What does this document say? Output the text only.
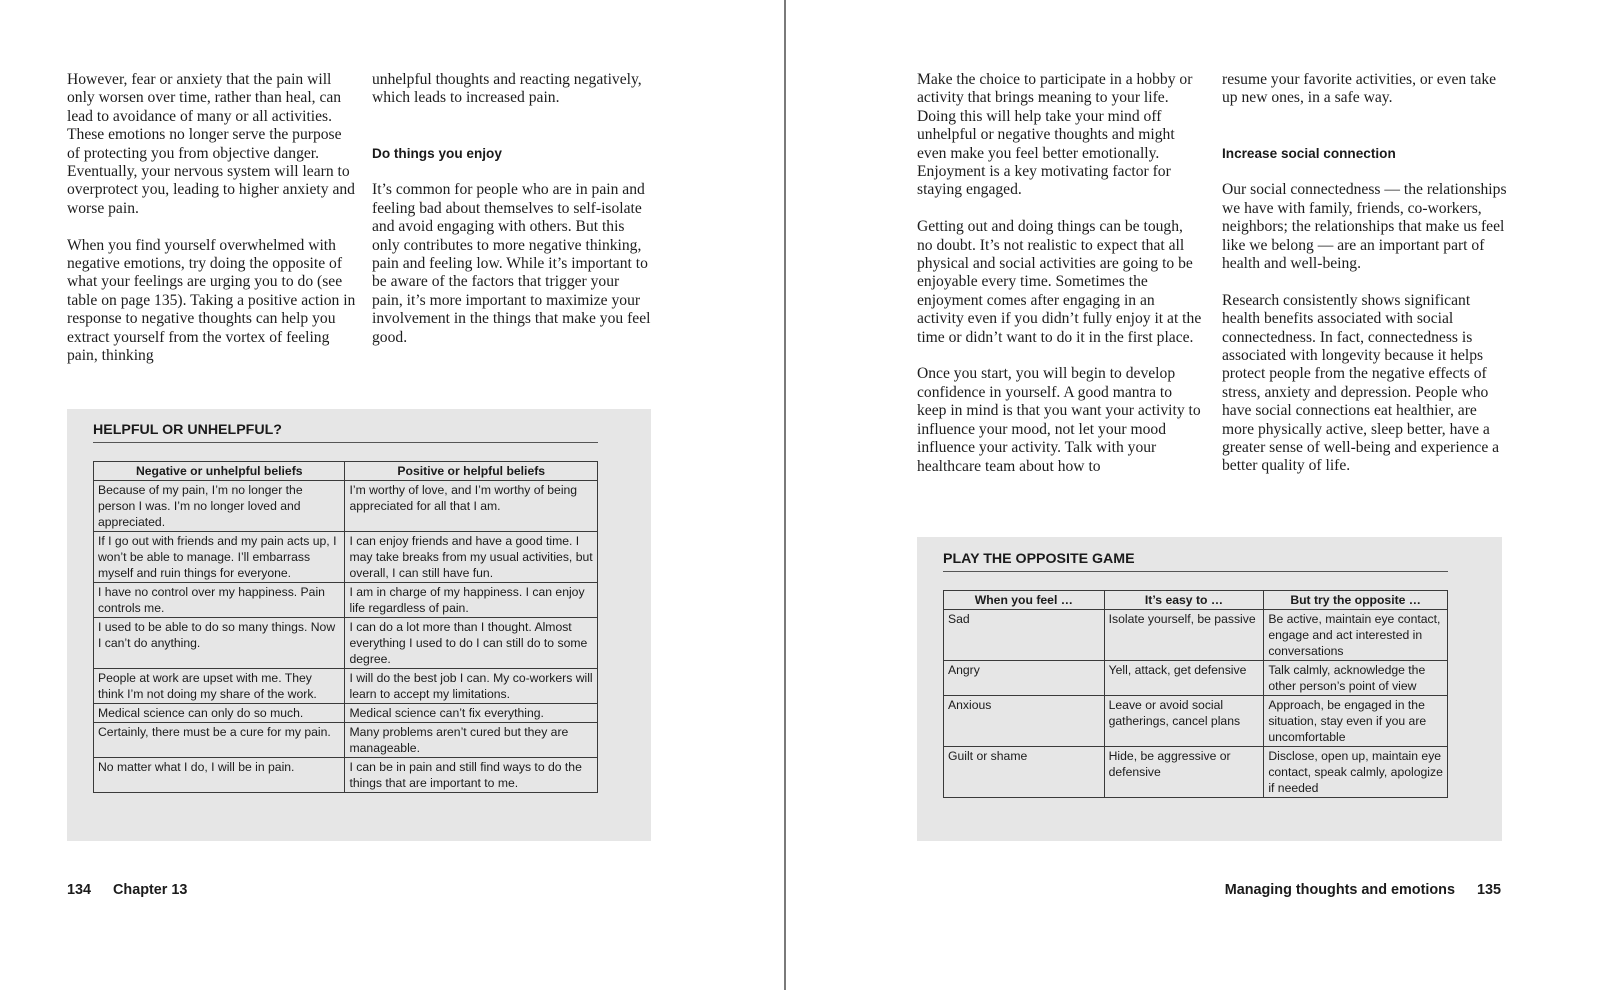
However, fear or anxiety that the pain will only worsen over time, rather than heal, can lead to avoidance of many or all activities. These emotions no longer serve the purpose of protecting you from objective danger. Eventually, your nervous system will learn to overprotect you, leading to higher anxiety and worse pain.

When you find yourself overwhelmed with negative emotions, try doing the opposite of what your feelings are urging you to do (see table on page 135). Taking a positive action in response to negative thoughts can help you extract yourself from the vortex of feeling pain, thinking

unhelpful thoughts and reacting negatively, which leads to increased pain.

Do things you enjoy

It’s common for people who are in pain and feeling bad about themselves to self-isolate and avoid engaging with others. But this only contributes to more negative thinking, pain and feeling low. While it’s important to be aware of the factors that trigger your pain, it’s more important to maximize your involvement in the things that make you feel good.

HELPFUL OR UNHELPFUL?
Negative or unhelpful beliefs	Positive or helpful beliefs
Because of my pain, I’m no longer the person I was. I’m no longer loved and appreciated.	I’m worthy of love, and I’m worthy of being appreciated for all that I am.
If I go out with friends and my pain acts up, I won’t be able to manage. I’ll embarrass myself and ruin things for everyone.	I can enjoy friends and have a good time. I may take breaks from my usual activities, but overall, I can still have fun.
I have no control over my happiness. Pain controls me.	I am in charge of my happiness. I can enjoy life regardless of pain.
I used to be able to do so many things. Now I can’t do anything.	I can do a lot more than I thought. Almost everything I used to do I can still do to some degree.
People at work are upset with me. They think I’m not doing my share of the work.	I will do the best job I can. My co-workers will learn to accept my limitations.
Medical science can only do so much.	Medical science can’t fix everything.
Certainly, there must be a cure for my pain.	Many problems aren’t cured but they are manageable.
No matter what I do, I will be in pain.	I can be in pain and still find ways to do the things that are important to me.
134 Chapter 13

Make the choice to participate in a hobby or activity that brings meaning to your life. Doing this will help take your mind off unhelpful or negative thoughts and might even make you feel better emotionally. Enjoyment is a key motivating factor for staying engaged.

Getting out and doing things can be tough, no doubt. It’s not realistic to expect that all physical and social activities are going to be enjoyable every time. Sometimes the enjoyment comes after engaging in an activity even if you didn’t fully enjoy it at the time or didn’t want to do it in the first place.

Once you start, you will begin to develop confidence in yourself. A good mantra to keep in mind is that you want your activity to influence your mood, not let your mood influence your activity. Talk with your healthcare team about how to

resume your favorite activities, or even take up new ones, in a safe way.

Increase social connection

Our social connectedness — the relationships we have with family, friends, co-workers, neighbors; the relationships that make us feel like we belong — are an important part of health and well-being.

Research consistently shows significant health benefits associated with social connectedness. In fact, connectedness is associated with longevity because it helps protect people from the negative effects of stress, anxiety and depression. People who have social connections eat healthier, are more physically active, sleep better, have a greater sense of well-being and experience a better quality of life.

PLAY THE OPPOSITE GAME
When you feel …	It’s easy to …	But try the opposite …
Sad	Isolate yourself, be passive	Be active, maintain eye contact, engage and act interested in conversations
Angry	Yell, attack, get defensive	Talk calmly, acknowledge the other person’s point of view
Anxious	Leave or avoid social gatherings, cancel plans	Approach, be engaged in the situation, stay even if you are uncomfortable
Guilt or shame	Hide, be aggressive or defensive	Disclose, open up, maintain eye contact, speak calmly, apologize if needed
Managing thoughts and emotions 135
